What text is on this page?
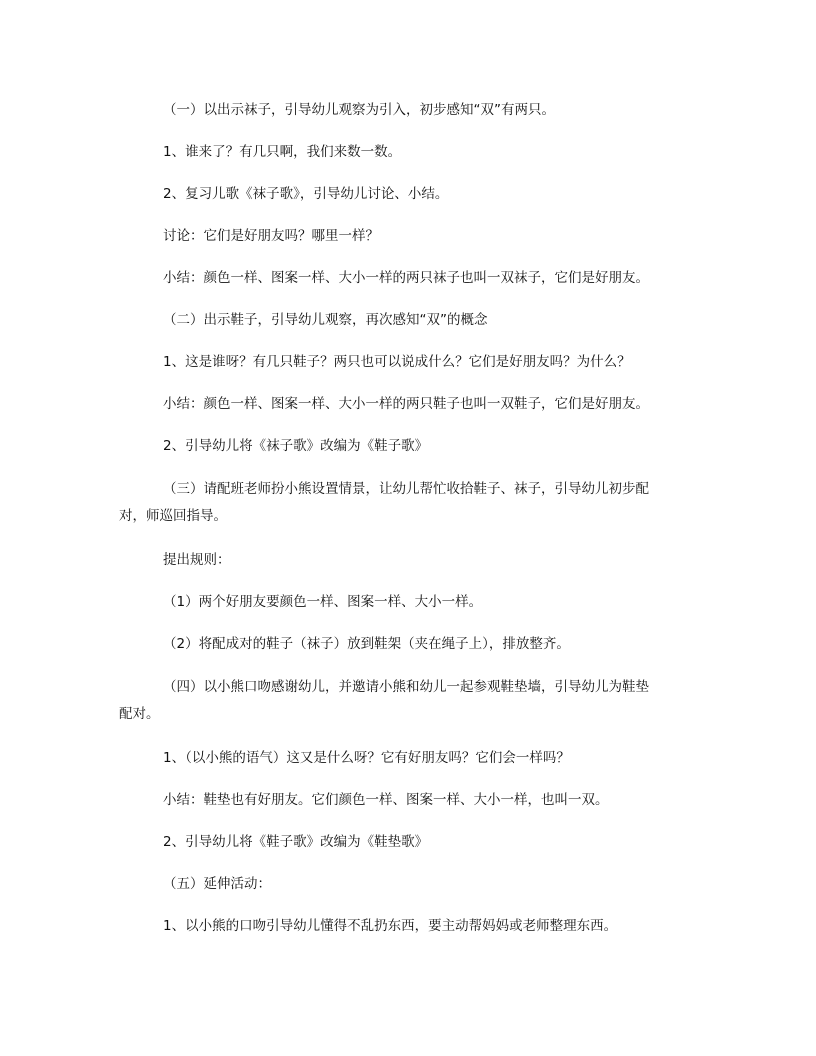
（一）以出示袜子，引导幼儿观察为引入，初步感知“双”有两只。
1、谁来了？有几只啊，我们来数一数。
2、复习儿歌《袜子歌》，引导幼儿讨论、小结。
讨论：它们是好朋友吗？哪里一样？
小结：颜色一样、图案一样、大小一样的两只袜子也叫一双袜子，它们是好朋友。
（二）出示鞋子，引导幼儿观察，再次感知“双”的概念
1、这是谁呀？有几只鞋子？两只也可以说成什么？它们是好朋友吗？为什么？
小结：颜色一样、图案一样、大小一样的两只鞋子也叫一双鞋子，它们是好朋友。
2、引导幼儿将《袜子歌》改编为《鞋子歌》
（三）请配班老师扮小熊设置情景，让幼儿帮忙收拾鞋子、袜子，引导幼儿初步配
对，师巡回指导。
提出规则：
（1）两个好朋友要颜色一样、图案一样、大小一样。
（2）将配成对的鞋子（袜子）放到鞋架（夹在绳子上），排放整齐。
（四）以小熊口吻感谢幼儿，并邀请小熊和幼儿一起参观鞋垫墙，引导幼儿为鞋垫
配对。
1、（以小熊的语气）这又是什么呀？它有好朋友吗？它们会一样吗？
小结：鞋垫也有好朋友。它们颜色一样、图案一样、大小一样，也叫一双。
2、引导幼儿将《鞋子歌》改编为《鞋垫歌》
（五）延伸活动：
1、以小熊的口吻引导幼儿懂得不乱扔东西，要主动帮妈妈或老师整理东西。
